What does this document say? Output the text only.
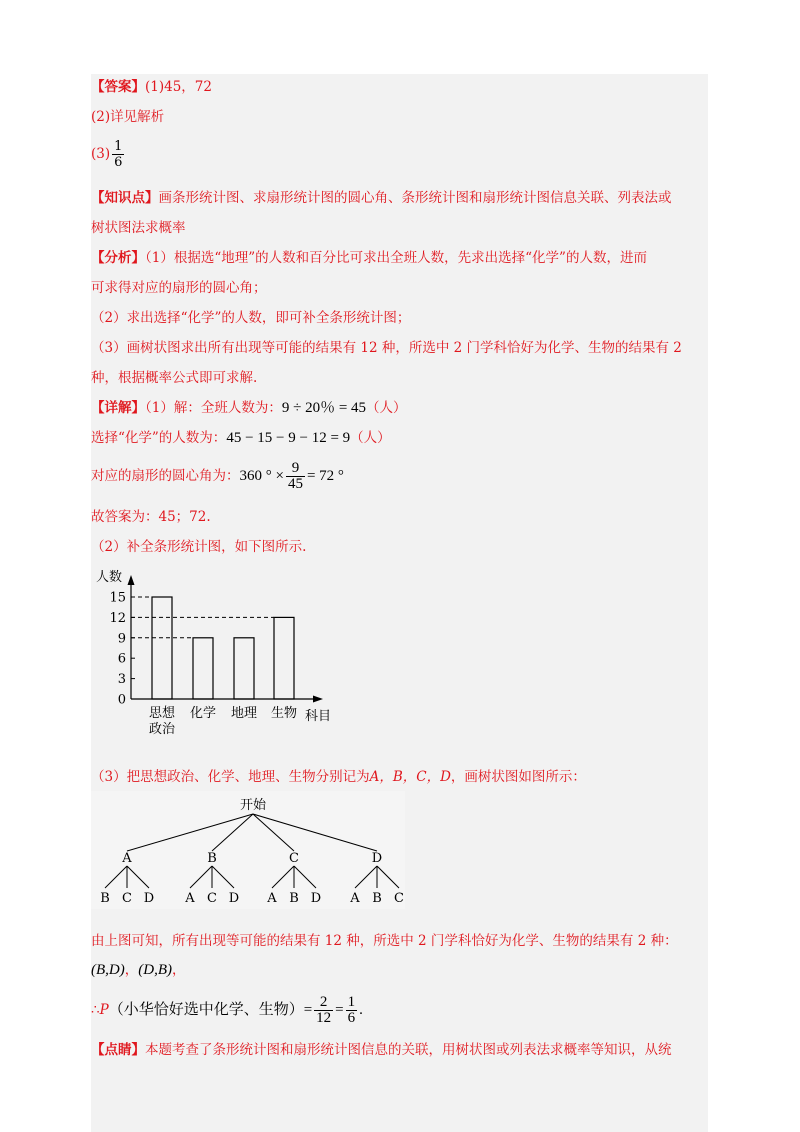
【答案】(1)45，72
(2)详见解析
$(3) \frac{1}{6}$
【知识点】画条形统计图、求扇形统计图的圆心角、条形统计图和扇形统计图信息关联、列表法或
树状图法求概率
【分析】（1）根据选“地理”的人数和百分比可求出全班人数，先求出选择“化学”的人数，进而
可求得对应的扇形的圆心角；
（2）求出选择“化学”的人数，即可补全条形统计图；
（3）画树状图求出所有出现等可能的结果有 12 种，所选中 2 门学科恰好为化学、生物的结果有 2
种，根据概率公式即可求解.
【详解】（1）解：全班人数为：9 ÷ 20％ = 45（人）
选择“化学”的人数为：45 − 15 − 9 − 12 = 9（人）
对应的扇形的圆心角为：360 ° × $\frac{9}{45} = 72$ °
故答案为：45；72.
（2）补全条形统计图，如下图所示.
0
3
6
9
12
15
思想
政治
化学 地理 生物
人数
科目
（3）把思想政治、化学、地理、生物分别记为A，B，C，D，画树状图如图所示：
开始
A
B C D
B
A C D
C
A B D
D
A B C
由上图可知，所有出现等可能的结果有 12 种，所选中 2 门学科恰好为化学、生物的结果有 2 种：
(B,D)，(D,B)，
∴P（小华恰好选中化学、生物）= $\frac{2}{12} = \frac{1}{6}$ .
【点睛】本题考查了条形统计图和扇形统计图信息的关联，用树状图或列表法求概率等知识，从统
